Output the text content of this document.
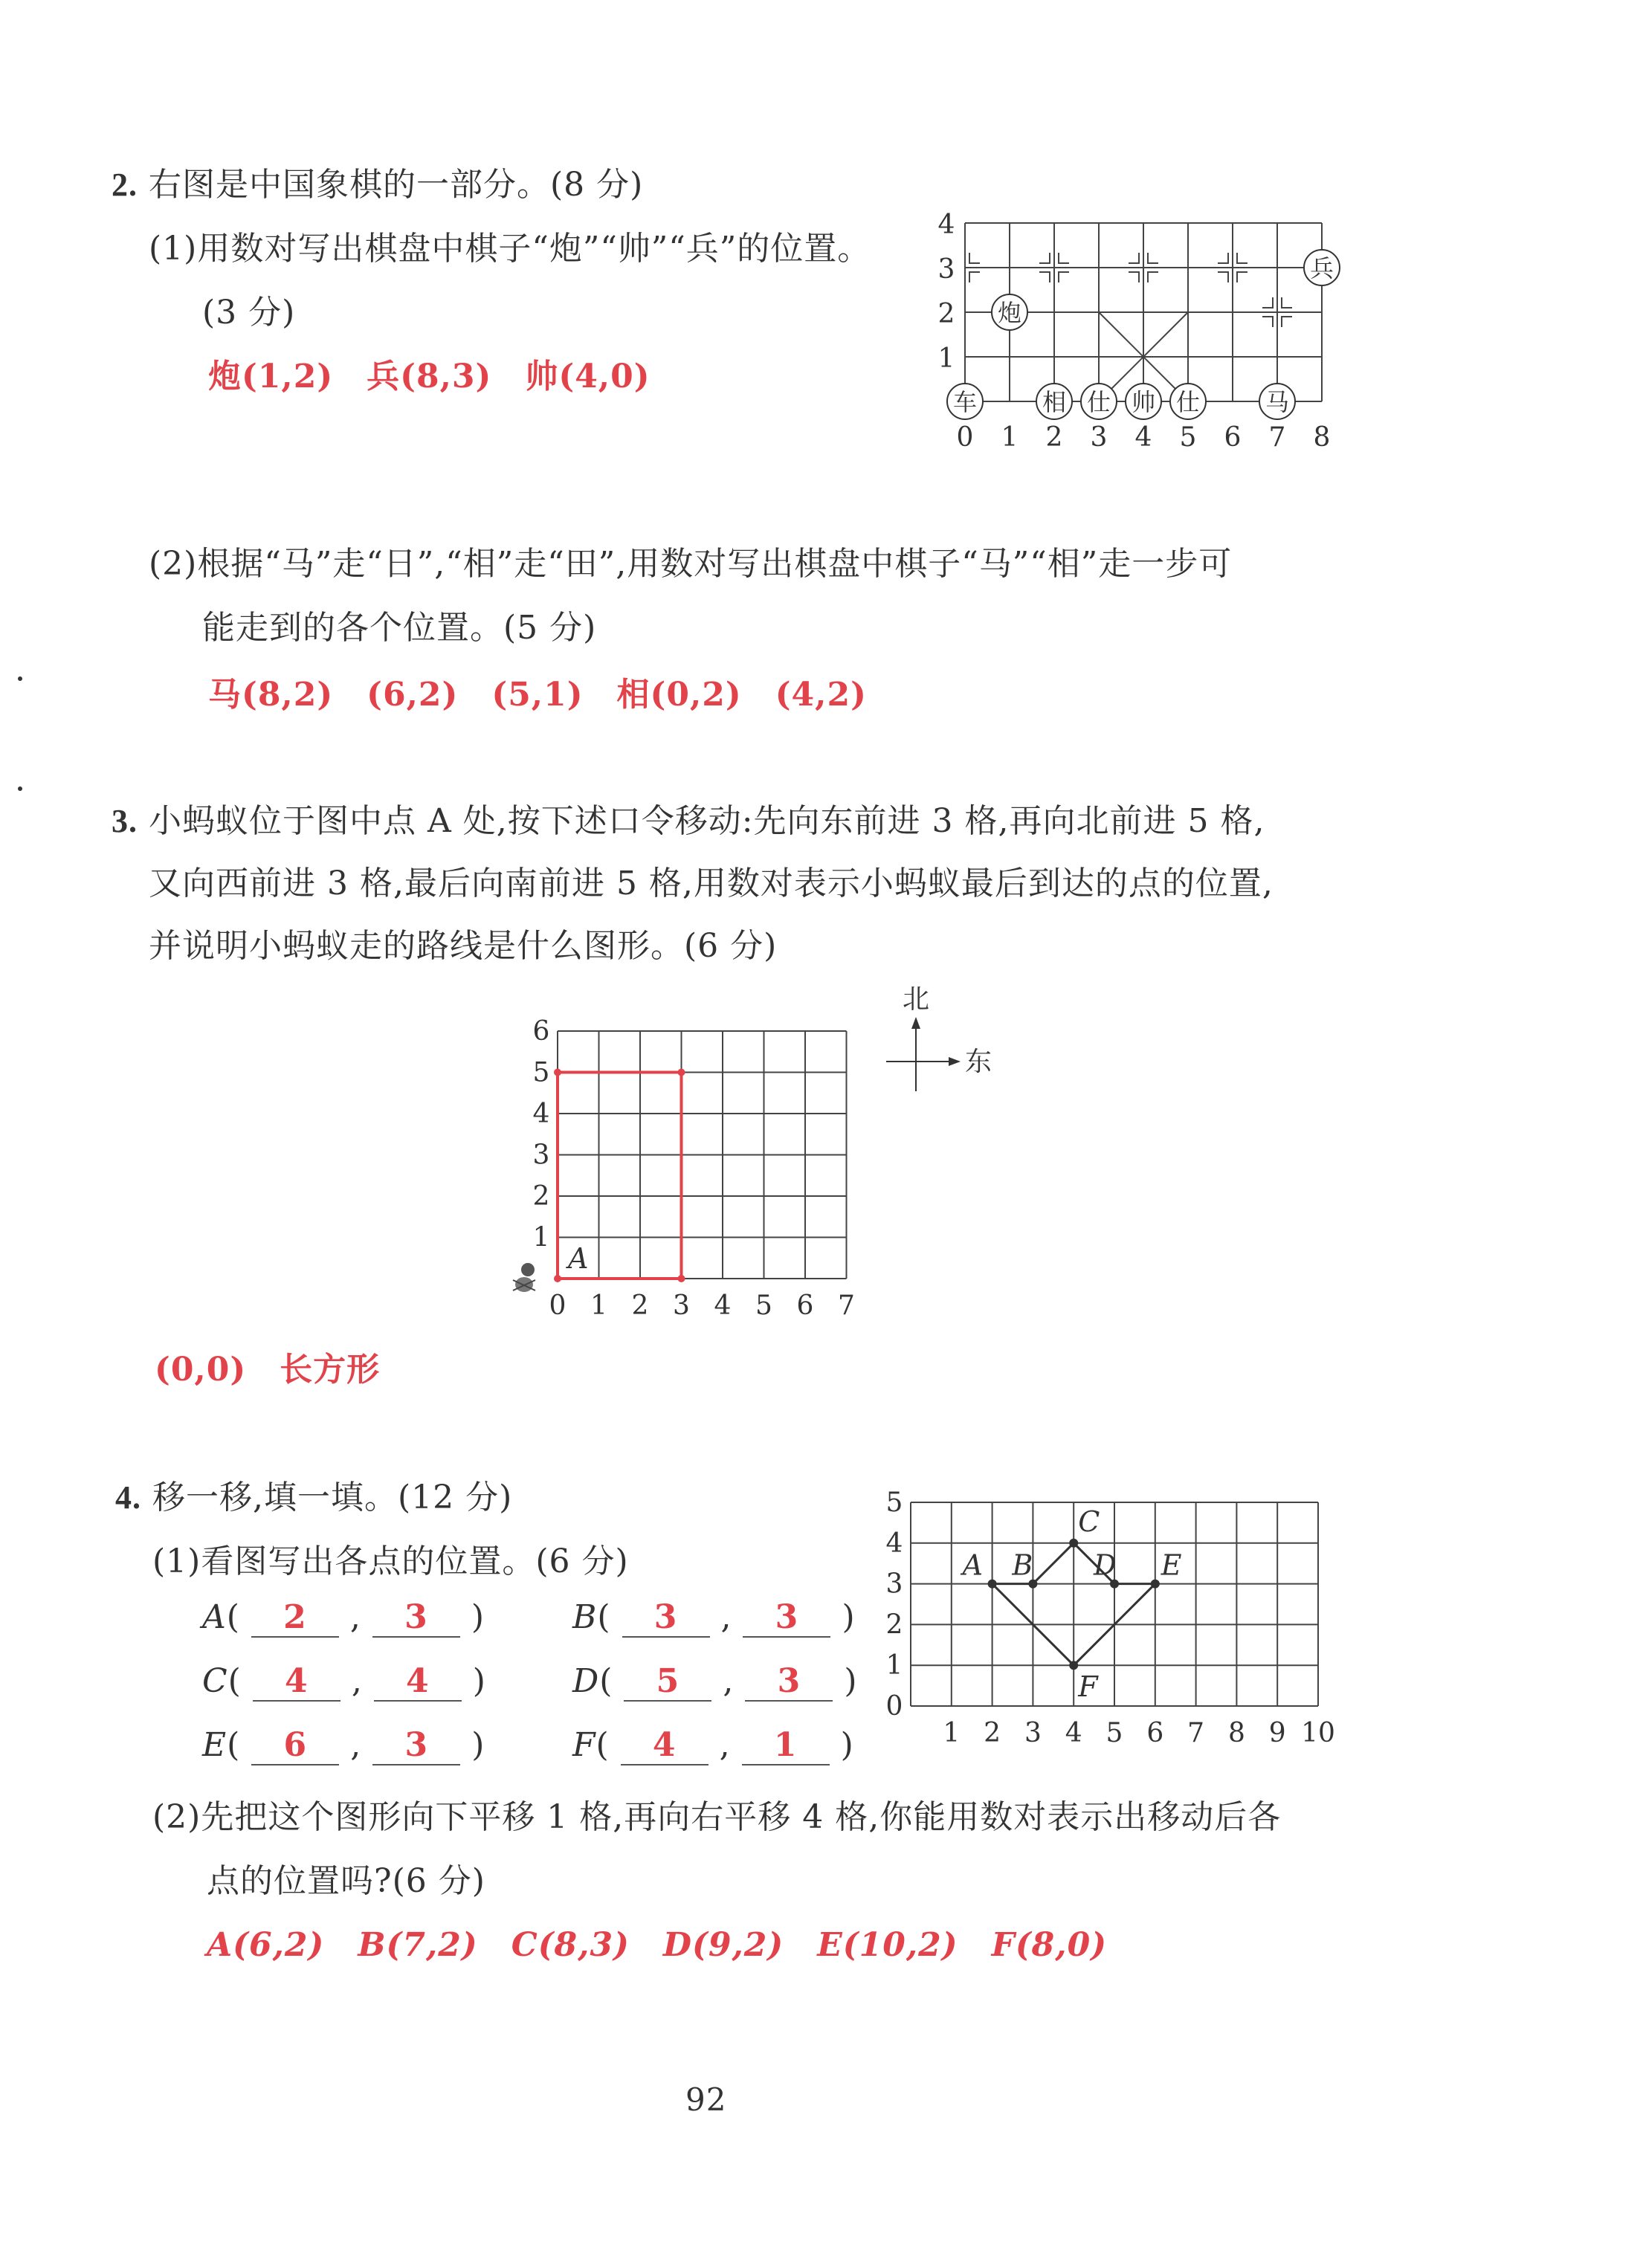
2. 右图是中国象棋的一部分。(8 分)
(1)用数对写出棋盘中棋子“炮”“帅”“兵”的位置。
(3 分)
炮(1,2)　兵(8,3)　帅(4,0)
0 1 2 3 4 5 6 7 8
1
2
3
4
车	相 仕 帅 仕	马
炮
兵
(2)根据“马”走“日”,“相”走“田”,用数对写出棋盘中棋子“马”“相”走一步可
能走到的各个位置。(5 分)
马(8,2)　(6,2)　(5,1)　相(0,2)　(4,2)
3. 小蚂蚁位于图中点 A 处,按下述口令移动:先向东前进 3 格,再向北前进 5 格,
又向西前进 3 格,最后向南前进 5 格,用数对表示小蚂蚁最后到达的点的位置,
并说明小蚂蚁走的路线是什么图形。(6 分)
0 1 2 3 4 5 6 7
1
2
3
4
5
6
A
北
东
(0,0)　长方形
4. 移一移,填一填。(12 分)
(1)看图写出各点的位置。(6 分)
A( 2 , 3 )	B( 3 , 3 )
C( 4 , 4 )	D( 5 , 3 )
E( 6 , 3 )	F( 4 , 1 )	1 2 3 4 5 6 7 8 9 10
0
1
2
3
4
5
A B
C
D E
F
(2)先把这个图形向下平移 1 格,再向右平移 4 格,你能用数对表示出移动后各
点的位置吗?(6 分)
A(6,2)　B(7,2)　C(8,3)　D(9,2)　E(10,2)　F(8,0)
92
